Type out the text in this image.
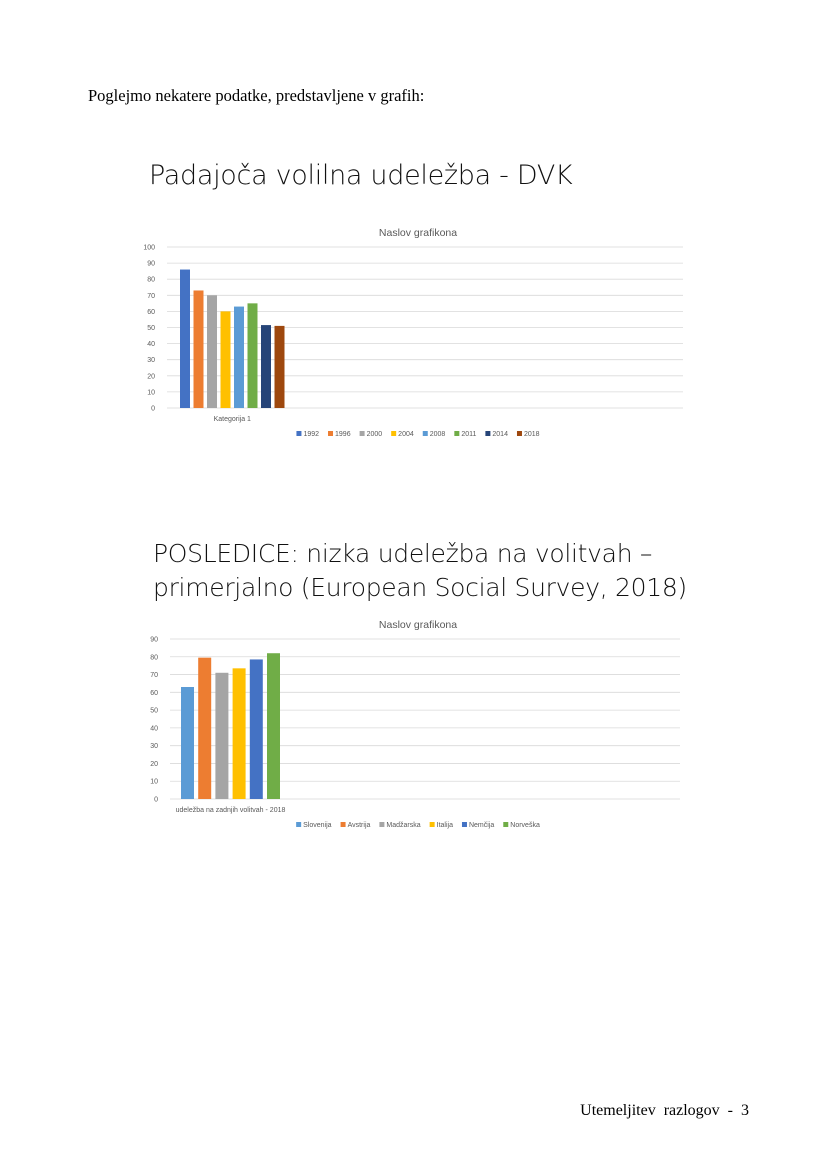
Poglejmo nekatere podatke, predstavljene v grafih:
Padajoča volilna udeležba - DVK
Naslov grafikona
0
10
20
30
40
50
60
70
80
90
100
Kategorija 1
1992 1996 2000 2004 2008 2011 2014 2018
POSLEDICE: nizka udeležba na volitvah –
primerjalno (European Social Survey, 2018)
Naslov grafikona
0
10
20
30
40
50
60
70
80
90
udeležba na zadnjih volitvah - 2018
Slovenija Avstrija Madžarska Italija Nemčija Norveška
Utemeljitev razlogov - 3
